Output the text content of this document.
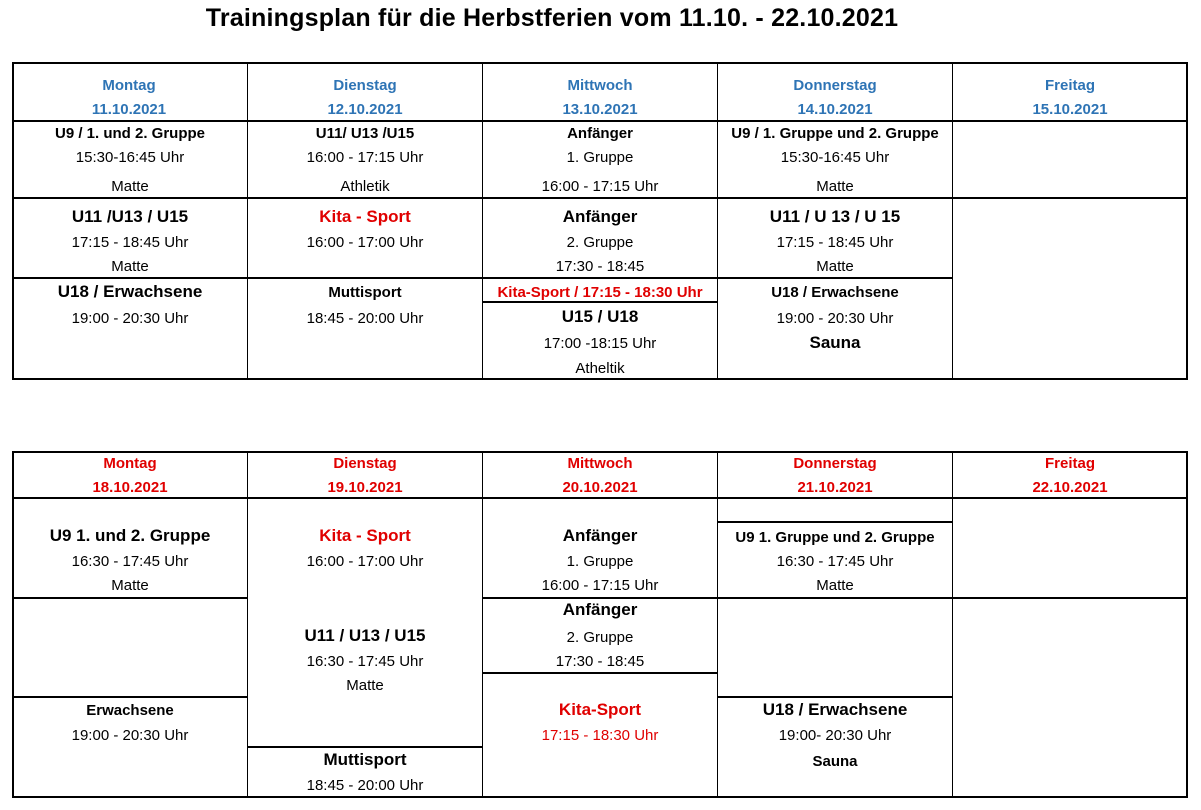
Trainingsplan für die Herbstferien vom 11.10. - 22.10.2021
Montag
11.10.2021
Dienstag
12.10.2021
Mittwoch
13.10.2021
Donnerstag
14.10.2021
Freitag
15.10.2021
U9 / 1. und 2. Gruppe
15:30-16:45 Uhr
Matte
U11 /U13 / U15
17:15 - 18:45 Uhr
Matte
U18 / Erwachsene
19:00 - 20:30 Uhr
U11/ U13 /U15
16:00 - 17:15 Uhr
Athletik
Kita - Sport
16:00 - 17:00 Uhr
Muttisport
18:45 - 20:00 Uhr
Anfänger
1. Gruppe
16:00 - 17:15 Uhr
Anfänger
2. Gruppe
17:30 - 18:45
Kita-Sport / 17:15 - 18:30 Uhr
U15 / U18
17:00 -18:15 Uhr
Atheltik
U9 / 1. Gruppe und 2. Gruppe
15:30-16:45 Uhr
Matte
U11 / U 13 / U 15
17:15 - 18:45 Uhr
Matte
U18 / Erwachsene
19:00 - 20:30 Uhr
Sauna
Montag
18.10.2021
Dienstag
19.10.2021
Mittwoch
20.10.2021
Donnerstag
21.10.2021
Freitag
22.10.2021
U9 1. und 2. Gruppe
16:30 - 17:45 Uhr
Matte
Erwachsene
19:00 - 20:30 Uhr
Kita - Sport
16:00 - 17:00 Uhr
U11 / U13 / U15
16:30 - 17:45 Uhr
Matte
Muttisport
18:45 - 20:00 Uhr
Anfänger
1. Gruppe
16:00 - 17:15 Uhr
Anfänger
2. Gruppe
17:30 - 18:45
Kita-Sport
17:15 - 18:30 Uhr
U9 1. Gruppe und 2. Gruppe
16:30 - 17:45 Uhr
Matte
U18 / Erwachsene
19:00- 20:30 Uhr
Sauna
